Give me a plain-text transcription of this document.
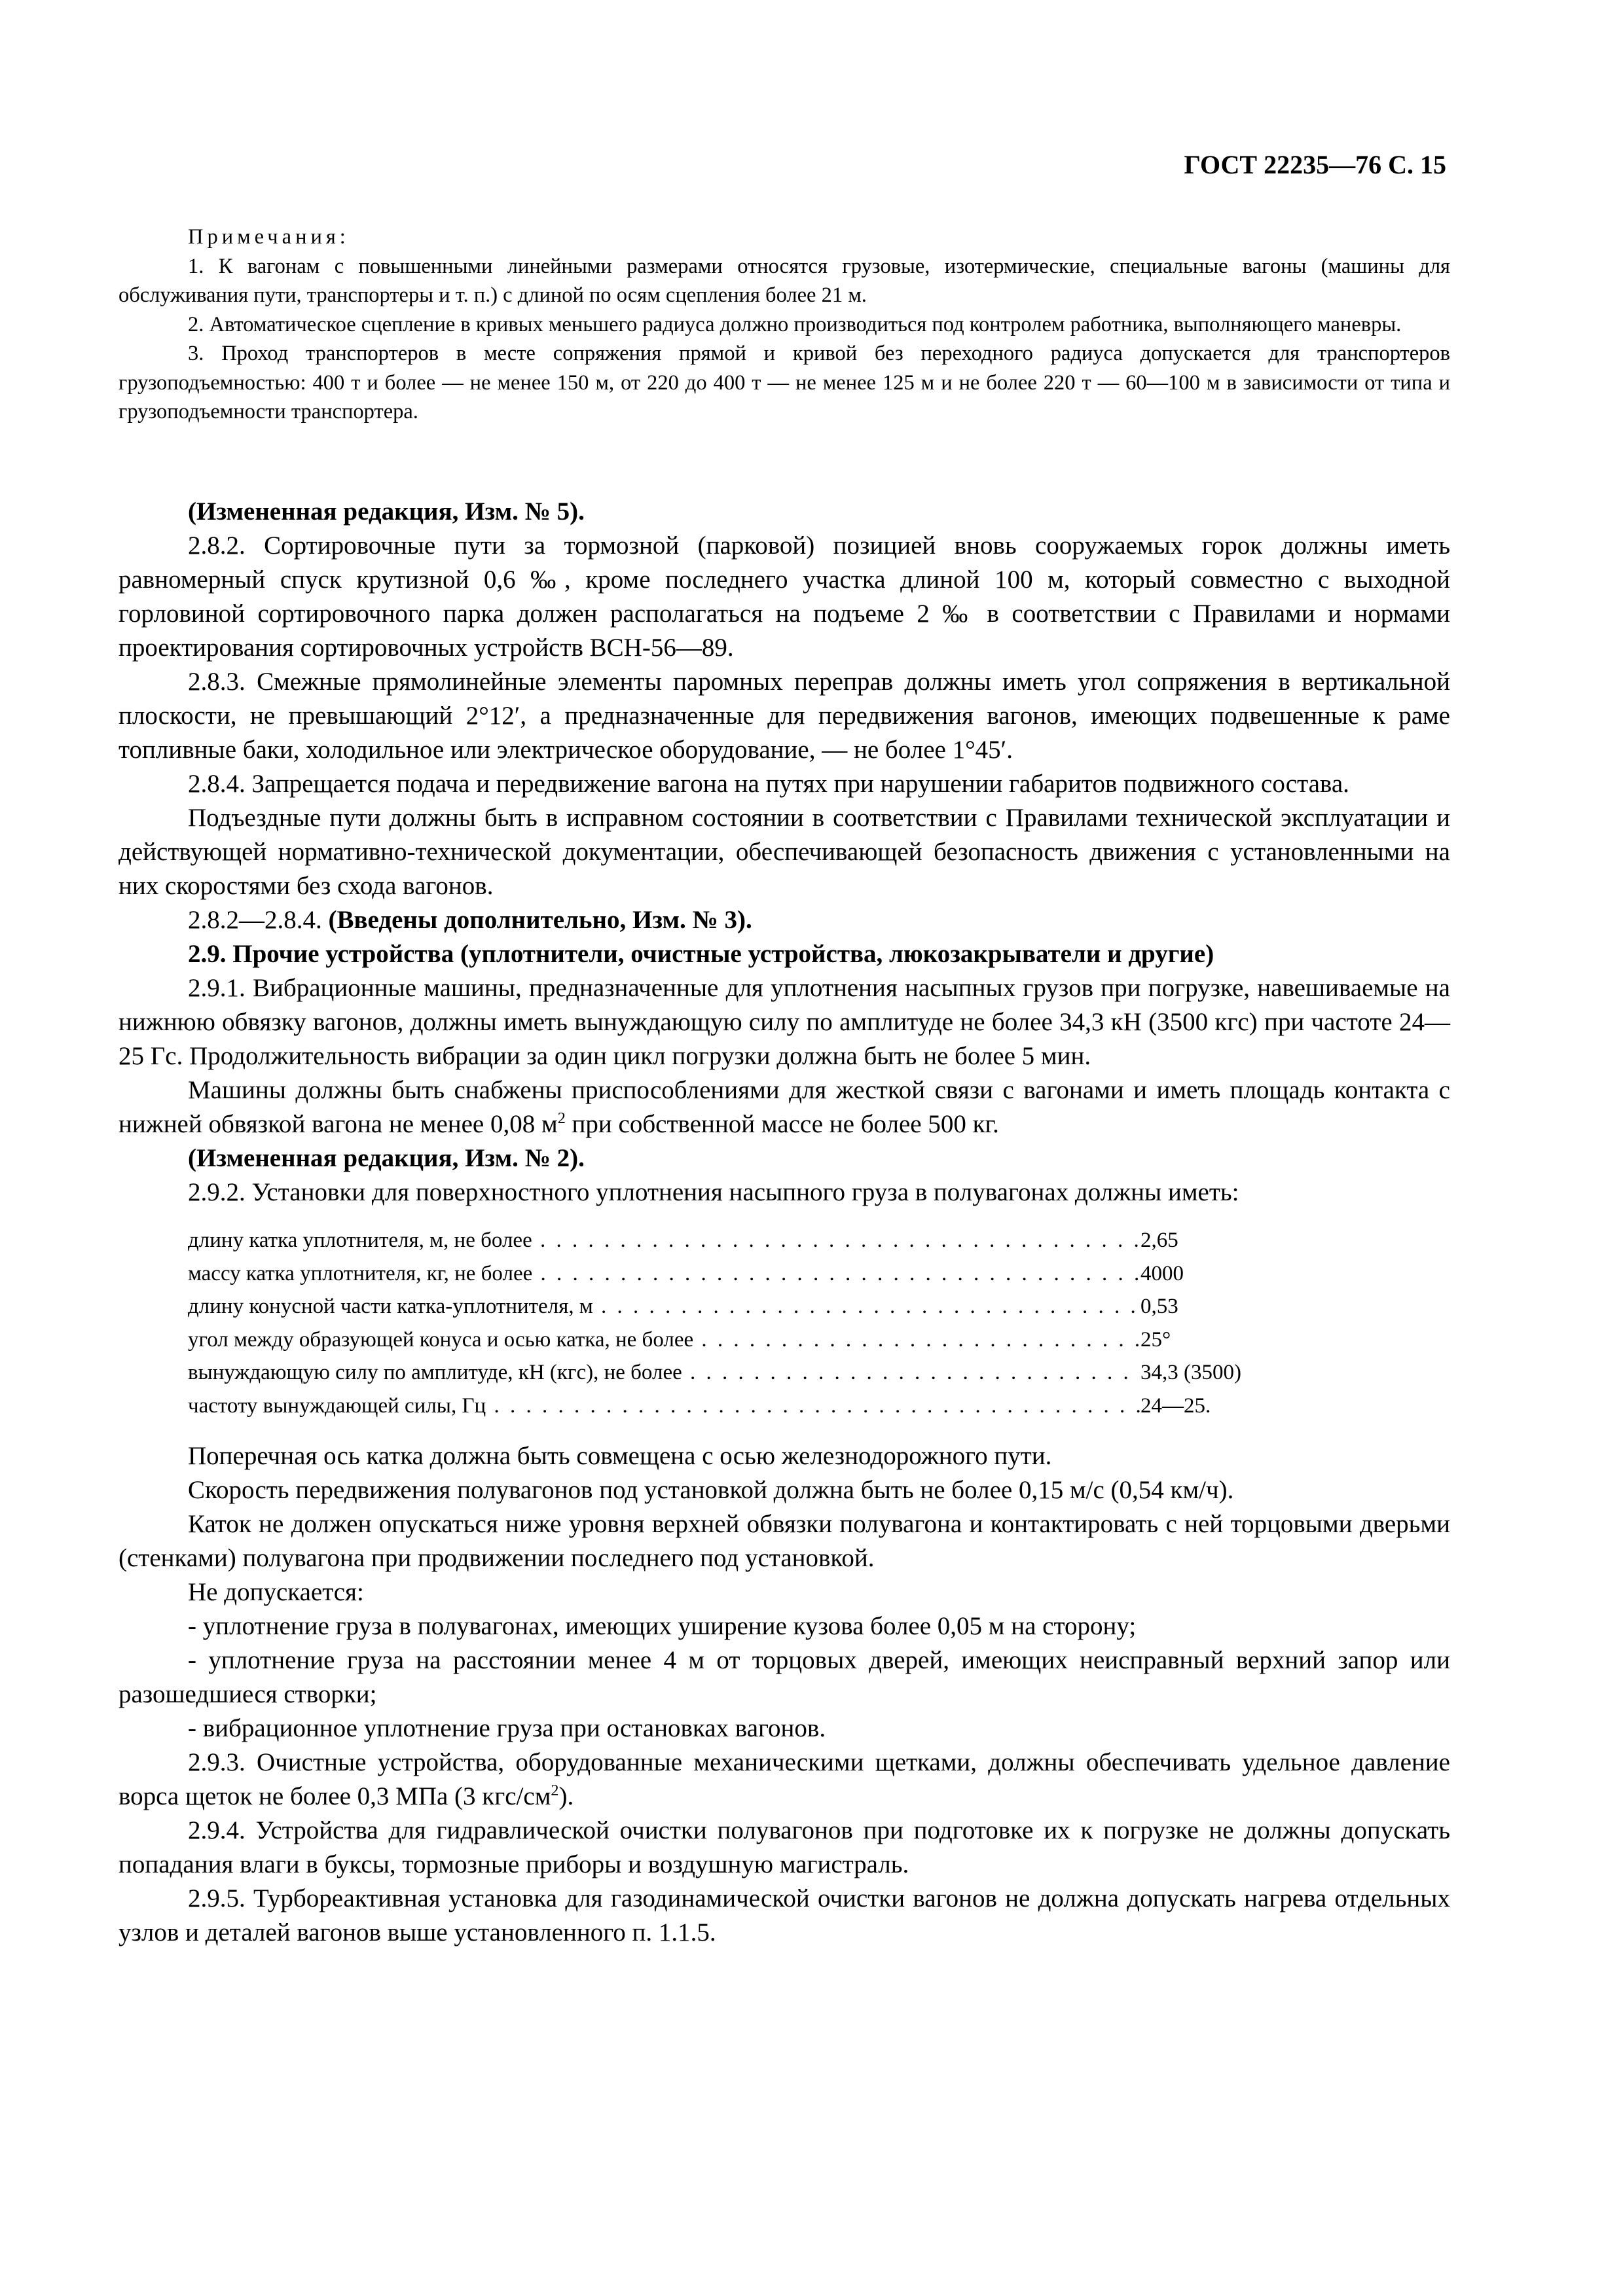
ГОСТ 22235—76 С. 15

Примечания:

1. К вагонам с повышенными линейными размерами относятся грузовые, изотермические, специальные вагоны (машины для обслуживания пути, транспортеры и т. п.) с длиной по осям сцепления более 21 м.

2. Автоматическое сцепление в кривых меньшего радиуса должно производиться под контролем работника, выполняющего маневры.

3. Проход транспортеров в месте сопряжения прямой и кривой без переходного радиуса допускается для транспортеров грузоподъемностью: 400 т и более — не менее 150 м, от 220 до 400 т — не менее 125 м и не более 220 т — 60—100 м в зависимости от типа и грузоподъемности транспортера.

(Измененная редакция, Изм. № 5).

2.8.2. Сортировочные пути за тормозной (парковой) позицией вновь сооружаемых горок должны иметь равномерный спуск крутизной 0,6 ‰, кроме последнего участка длиной 100 м, который совместно с выходной горловиной сортировочного парка должен располагаться на подъеме 2 ‰ в соответствии с Правилами и нормами проектирования сортировочных устройств ВСН-56—89.

2.8.3. Смежные прямолинейные элементы паромных переправ должны иметь угол сопряжения в вертикальной плоскости, не превышающий 2°12′, а предназначенные для передвижения вагонов, имеющих подвешенные к раме топливные баки, холодильное или электрическое оборудование, — не более 1°45′.

2.8.4. Запрещается подача и передвижение вагона на путях при нарушении габаритов подвижного состава.

Подъездные пути должны быть в исправном состоянии в соответствии с Правилами технической эксплуатации и действующей нормативно-технической документации, обеспечивающей безопасность движения с установленными на них скоростями без схода вагонов.

2.8.2—2.8.4. (Введены дополнительно, Изм. № 3).

2.9. Прочие устройства (уплотнители, очистные устройства, люкозакрыватели и другие)

2.9.1. Вибрационные машины, предназначенные для уплотнения насыпных грузов при погрузке, навешиваемые на нижнюю обвязку вагонов, должны иметь вынуждающую силу по амплитуде не более 34,3 кН (3500 кгс) при частоте 24—25 Гс. Продолжительность вибрации за один цикл погрузки должна быть не более 5 мин.

Машины должны быть снабжены приспособлениями для жесткой связи с вагонами и иметь площадь контакта с нижней обвязкой вагона не менее 0,08 $м^2$ при собственной массе не более 500 кг.

(Измененная редакция, Изм. № 2).

2.9.2. Установки для поверхностного уплотнения насыпного груза в полувагонах должны иметь:

длину катка уплотнителя, м, не более . . .	2,65
массу катка уплотнителя, кг, не более . . .	4000
длину конусной части катка-уплотнителя, м . . .	0,53
угол между образующей конуса и осью катка, не более . . .	25°
вынуждающую силу по амплитуде, кН (кгс), не более . . .	34,3 (3500)
частоту вынуждающей силы, Гц . . .	24—25.

Поперечная ось катка должна быть совмещена с осью железнодорожного пути.

Скорость передвижения полувагонов под установкой должна быть не более 0,15 м/с (0,54 км/ч).

Каток не должен опускаться ниже уровня верхней обвязки полувагона и контактировать с ней торцовыми дверьми (стенками) полувагона при продвижении последнего под установкой.

Не допускается:

- уплотнение груза в полувагонах, имеющих уширение кузова более 0,05 м на сторону;

- уплотнение груза на расстоянии менее 4 м от торцовых дверей, имеющих неисправный верхний запор или разошедшиеся створки;

- вибрационное уплотнение груза при остановках вагонов.

2.9.3. Очистные устройства, оборудованные механическими щетками, должны обеспечивать удельное давление ворса щеток не более 0,3 МПа (3 кгс/$см^2$).

2.9.4. Устройства для гидравлической очистки полувагонов при подготовке их к погрузке не должны допускать попадания влаги в буксы, тормозные приборы и воздушную магистраль.

2.9.5. Турбореактивная установка для газодинамической очистки вагонов не должна допускать нагрева отдельных узлов и деталей вагонов выше установленного п. 1.1.5.
